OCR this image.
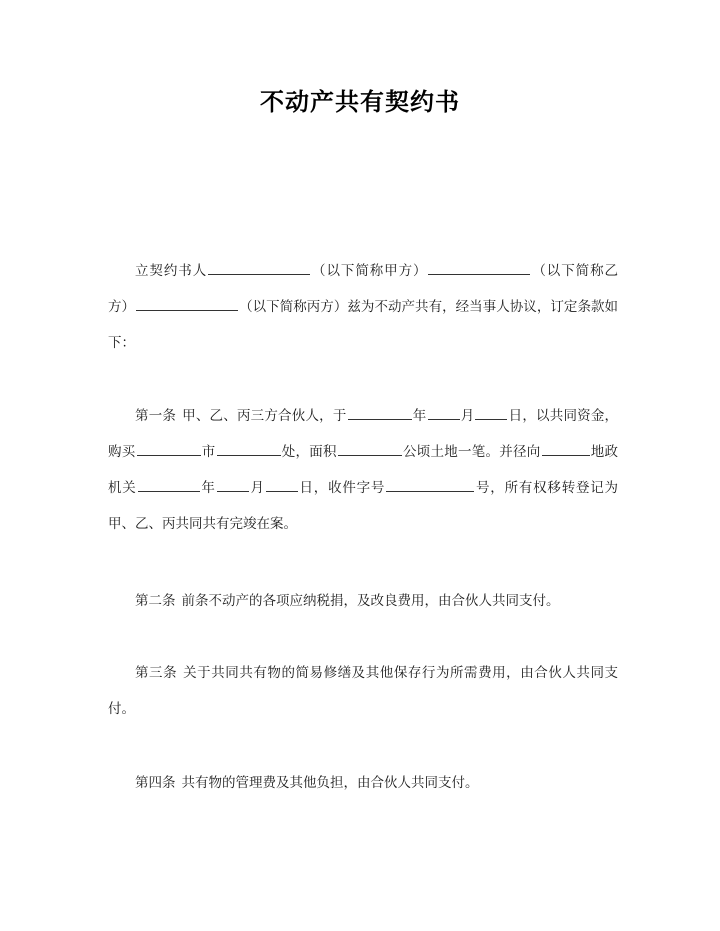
不动产共有契约书
立契约书人	（以下简称甲方）	（以下简称乙方）	（以下简称丙方）兹为不动产共有，经当事人协议，订定条款如下：
第一条 甲、乙、丙三方合伙人，于	年	月	日，以共同资金，购买	市	处，面积	公顷土地一笔。并径向	地政机关	年	月	日，收件字号	号，所有权移转登记为甲、乙、丙共同共有完竣在案。
第二条 前条不动产的各项应纳税捐，及改良费用，由合伙人共同支付。
第三条 关于共同共有物的简易修缮及其他保存行为所需费用，由合伙人共同支付。
第四条 共有物的管理费及其他负担，由合伙人共同支付。
